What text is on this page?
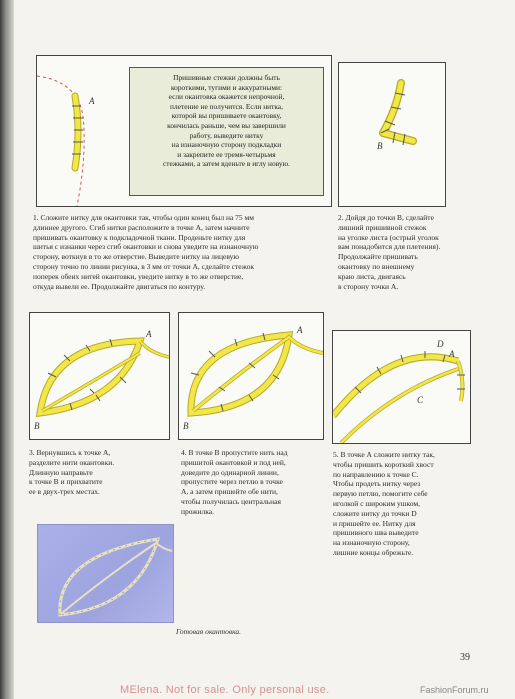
А
Пришивные стежки должны быть
короткими, тугими и аккуратными:
если окантовка окажется непрочной,
плетение не получится. Если нитка,
которой вы пришиваете окантовку,
кончилась раньше, чем вы завершили
работу, выведите нитку
на изнаночную сторону подкладки
и закрепите ее тремя-четырьмя
стежками, а затем вденьте в иглу новую.
В
1. Сложите нитку для окантовки так, чтобы один конец был на 75 мм
длиннее другого. Сгиб нитки расположите в точке А, затем начните
пришивать окантовку к подкладочной ткани. Проденьте нитку для
шитья с изнанки через сгиб окантовки и снова уведите на изнаночную
сторону, воткнув в то же отверстие. Выведите нитку на лицевую
сторону точно по линии рисунка, в 3 мм от точки А, сделайте стежок
поперек обеих нитей окантовки, уведите нитку в то же отверстие,
откуда вывели ее. Продолжайте двигаться по контуру.
2. Дойдя до точки В, сделайте
лишний пришивной стежок
на уголке листа (острый уголок
вам понадобится для плетения).
Продолжайте пришивать
окантовку по внешнему
краю листа, двигаясь
в сторону точки А.
А
В
А
В
D
А
С
3. Вернувшись к точке А,
разделите нити окантовки.
Длинную направьте
к точке В и прихватите
ее в двух-трех местах.
4. В точке В пропустите нить над
пришитой окантовкой и под ней,
доведите до одинарной линии,
пропустите через петлю в точке
А, а затем пришейте обе нити,
чтобы получилась центральная
прожилка.
5. В точке А сложите нитку так,
чтобы пришить короткий хвост
по направлению к точке С.
Чтобы продеть нитку через
первую петлю, помогите себе
иголкой с широким ушком,
сложите нитку до точки D
и пришейте ее. Нитку для
пришивного шва выведите
на изнаночную сторону,
лишние концы обрежьте.
Готовая окантовка.
39
MElena. Not for sale. Only personal use.	FashionForum.ru
